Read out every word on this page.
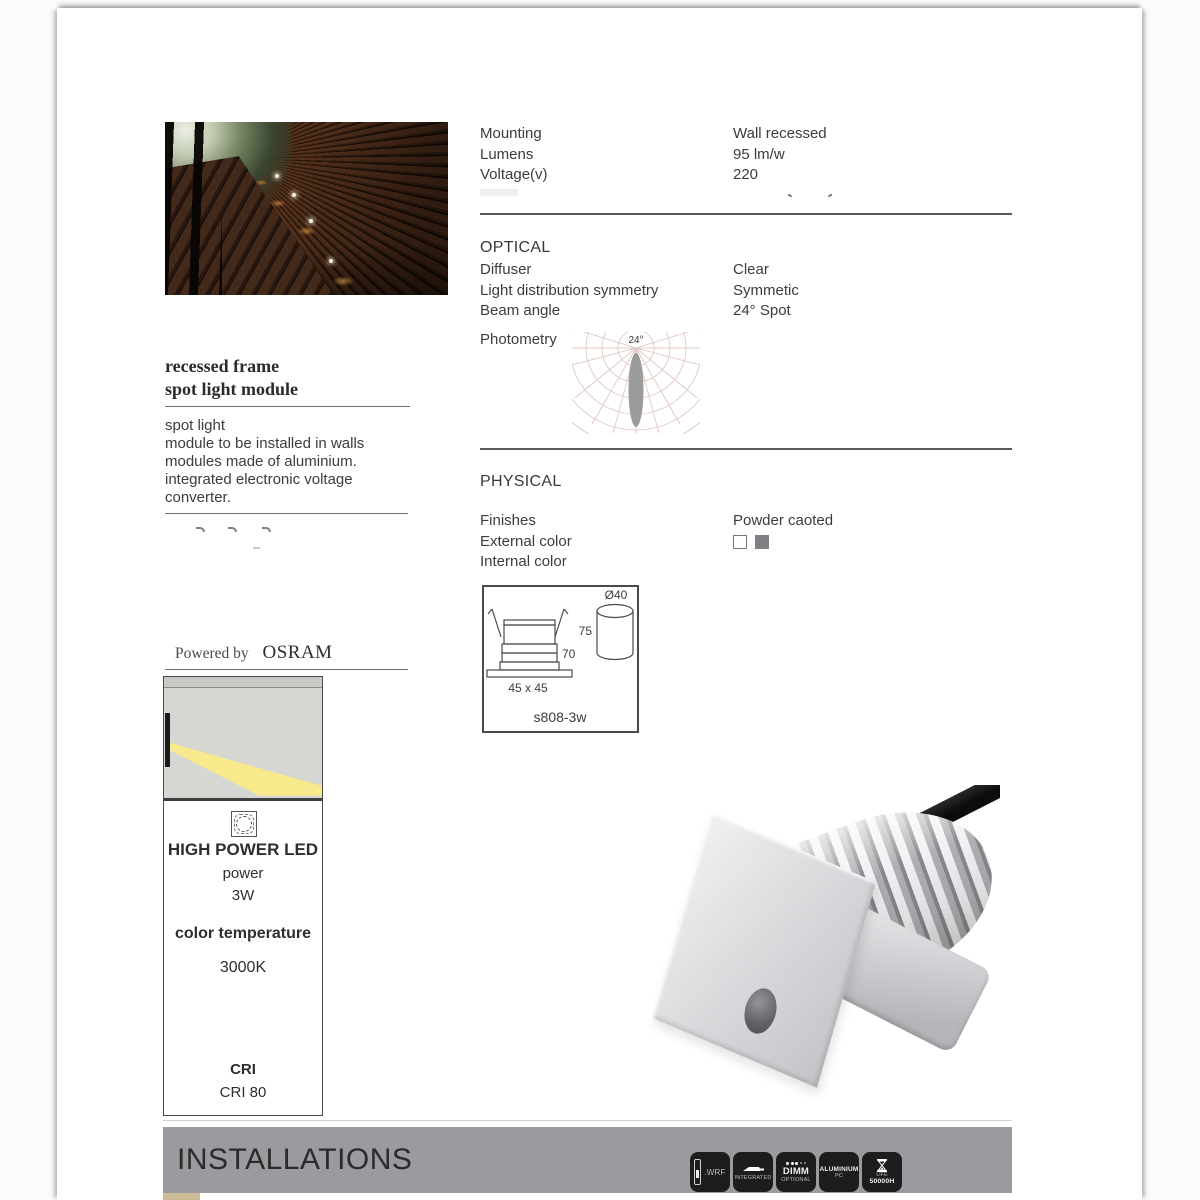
Mounting	Wall recessed
Lumens	95 lm/w
Voltage(v)	220
OPTICAL
Diffuser	Clear
Light distribution symmetry	Symmetic
Beam angle	24° Spot
Photometry	24°
PHYSICAL
Finishes	Powder caoted
External color

Internal color
Ø40
75
70
45 x 45
s808-3w
recessed frame
spot light module
spot light
module to be installed in walls
modules made of aluminium.
integrated electronic voltage
converter.
Powered by OSRAM
HIGH POWER LED
power
3W
color temperature
3000K
CRI
CRI 80
INSTALLATIONS	.WRF
INTEGRATED
DIMM
OPTIONAL
ALUMINIUM
PC	LIFE
50000H
